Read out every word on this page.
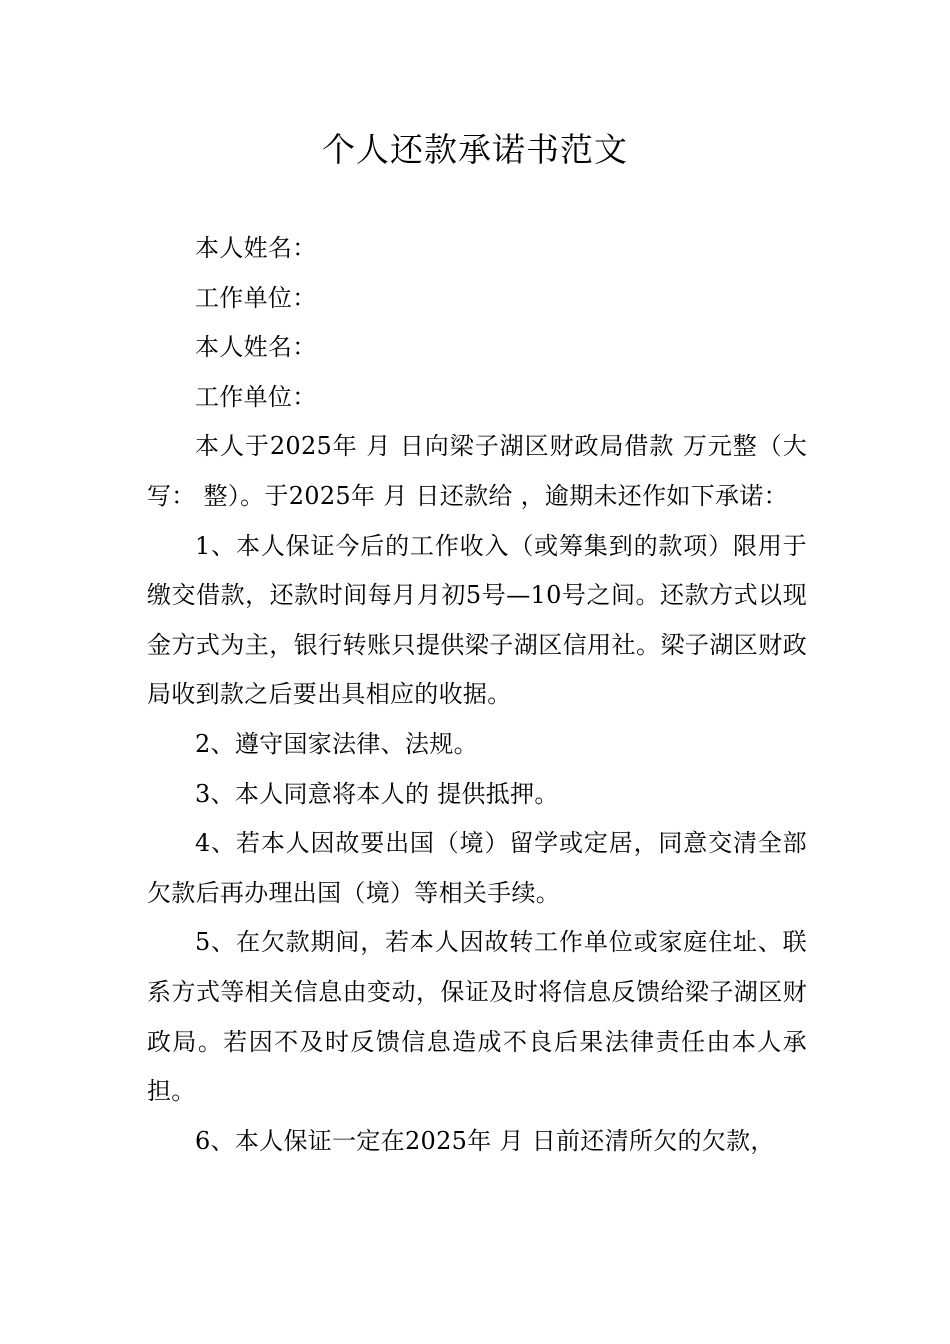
个人还款承诺书范文

本人姓名：

工作单位：

本人姓名：

工作单位：

本人于2025年 月 日向梁子湖区财政局借款 万元整（大写： 整）。于2025年 月 日还款给 ，逾期未还作如下承诺：

1、本人保证今后的工作收入（或筹集到的款项）限用于缴交借款，还款时间每月月初5号—10号之间。还款方式以现金方式为主，银行转账只提供梁子湖区信用社。梁子湖区财政局收到款之后要出具相应的收据。

2、遵守国家法律、法规。

3、本人同意将本人的 提供抵押。

4、若本人因故要出国（境）留学或定居，同意交清全部欠款后再办理出国（境）等相关手续。

5、在欠款期间，若本人因故转工作单位或家庭住址、联系方式等相关信息由变动，保证及时将信息反馈给梁子湖区财政局。若因不及时反馈信息造成不良后果法律责任由本人承担。

6、本人保证一定在2025年 月 日前还清所欠的欠款，
